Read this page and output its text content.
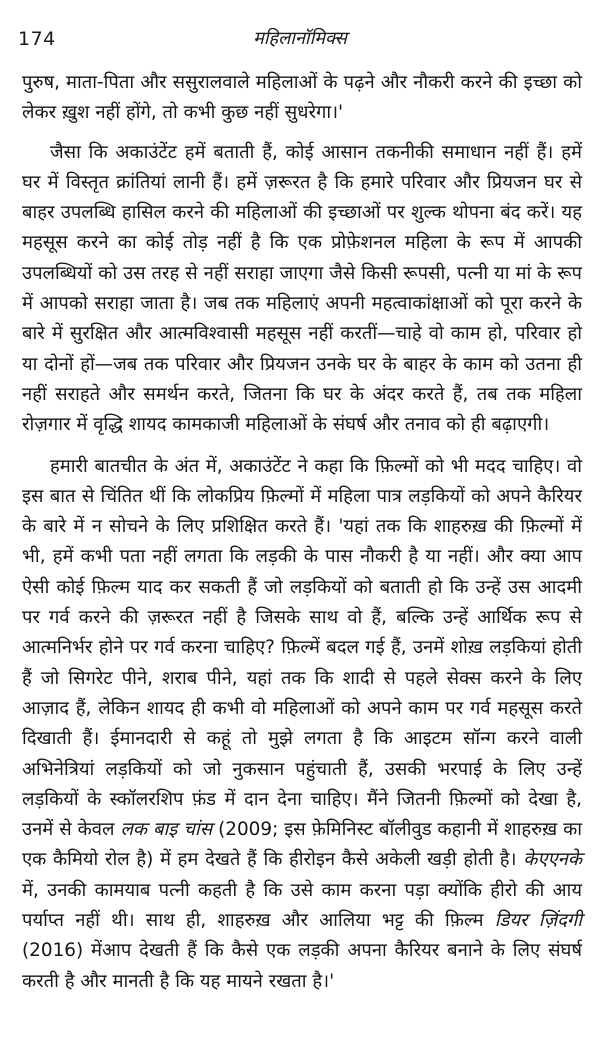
174	महिलानॉमिक्स

पुरुष, माता-पिता और ससुरालवाले महिलाओं के पढ़ने और नौकरी करने की इच्छा को लेकर ख़ुश नहीं होंगे, तो कभी कुछ नहीं सुधरेगा।'

जैसा कि अकाउंटेंट हमें बताती हैं, कोई आसान तकनीकी समाधान नहीं हैं। हमें घर में विस्तृत क्रांतियां लानी हैं। हमें ज़रूरत है कि हमारे परिवार और प्रियजन घर से बाहर उपलब्धि हासिल करने की महिलाओं की इच्छाओं पर शुल्क थोपना बंद करें। यह महसूस करने का कोई तोड़ नहीं है कि एक प्रोफ़ेशनल महिला के रूप में आपकी उपलब्धियों को उस तरह से नहीं सराहा जाएगा जैसे किसी रूपसी, पत्नी या मां के रूप में आपको सराहा जाता है। जब तक महिलाएं अपनी महत्वाकांक्षाओं को पूरा करने के बारे में सुरक्षित और आत्मविश्वासी महसूस नहीं करतीं—चाहे वो काम हो, परिवार हो या दोनों हों—जब तक परिवार और प्रियजन उनके घर के बाहर के काम को उतना ही नहीं सराहते और समर्थन करते, जितना कि घर के अंदर करते हैं, तब तक महिला रोज़गार में वृद्धि शायद कामकाजी महिलाओं के संघर्ष और तनाव को ही बढ़ाएगी।

हमारी बातचीत के अंत में, अकाउंटेंट ने कहा कि फ़िल्मों को भी मदद चाहिए। वो इस बात से चिंतित थीं कि लोकप्रिय फ़िल्मों में महिला पात्र लड़कियों को अपने कैरियर के बारे में न सोचने के लिए प्रशिक्षित करते हैं। 'यहां तक कि शाहरुख़ की फ़िल्मों में भी, हमें कभी पता नहीं लगता कि लड़की के पास नौकरी है या नहीं। और क्या आप ऐसी कोई फ़िल्म याद कर सकती हैं जो लड़कियों को बताती हो कि उन्हें उस आदमी पर गर्व करने की ज़रूरत नहीं है जिसके साथ वो हैं, बल्कि उन्हें आर्थिक रूप से आत्मनिर्भर होने पर गर्व करना चाहिए? फ़िल्में बदल गई हैं, उनमें शोख़ लड़कियां होती हैं जो सिगरेट पीने, शराब पीने, यहां तक कि शादी से पहले सेक्स करने के लिए आज़ाद हैं, लेकिन शायद ही कभी वो महिलाओं को अपने काम पर गर्व महसूस करते दिखाती हैं। ईमानदारी से कहूं तो मुझे लगता है कि आइटम सॉन्ग करने वाली अभिनेत्रियां लड़कियों को जो नुकसान पहुंचाती हैं, उसकी भरपाई के लिए उन्हें लड़कियों के स्कॉलरशिप फ़ंड में दान देना चाहिए। मैंने जितनी फ़िल्मों को देखा है, उनमें से केवल लक बाइ चांस (2009; इस फ़ेमिनिस्ट बॉलीवुड कहानी में शाहरुख़ का एक कैमियो रोल है) में हम देखते हैं कि हीरोइन कैसे अकेली खड़ी होती है। केएएनके में, उनकी कामयाब पत्नी कहती है कि उसे काम करना पड़ा क्योंकि हीरो की आय पर्याप्त नहीं थी। साथ ही, शाहरुख़ और आलिया भट्ट की फ़िल्म डियर ज़िंदगी (2016) मेंआप देखती हैं कि कैसे एक लड़की अपना कैरियर बनाने के लिए संघर्ष करती है और मानती है कि यह मायने रखता है।'
